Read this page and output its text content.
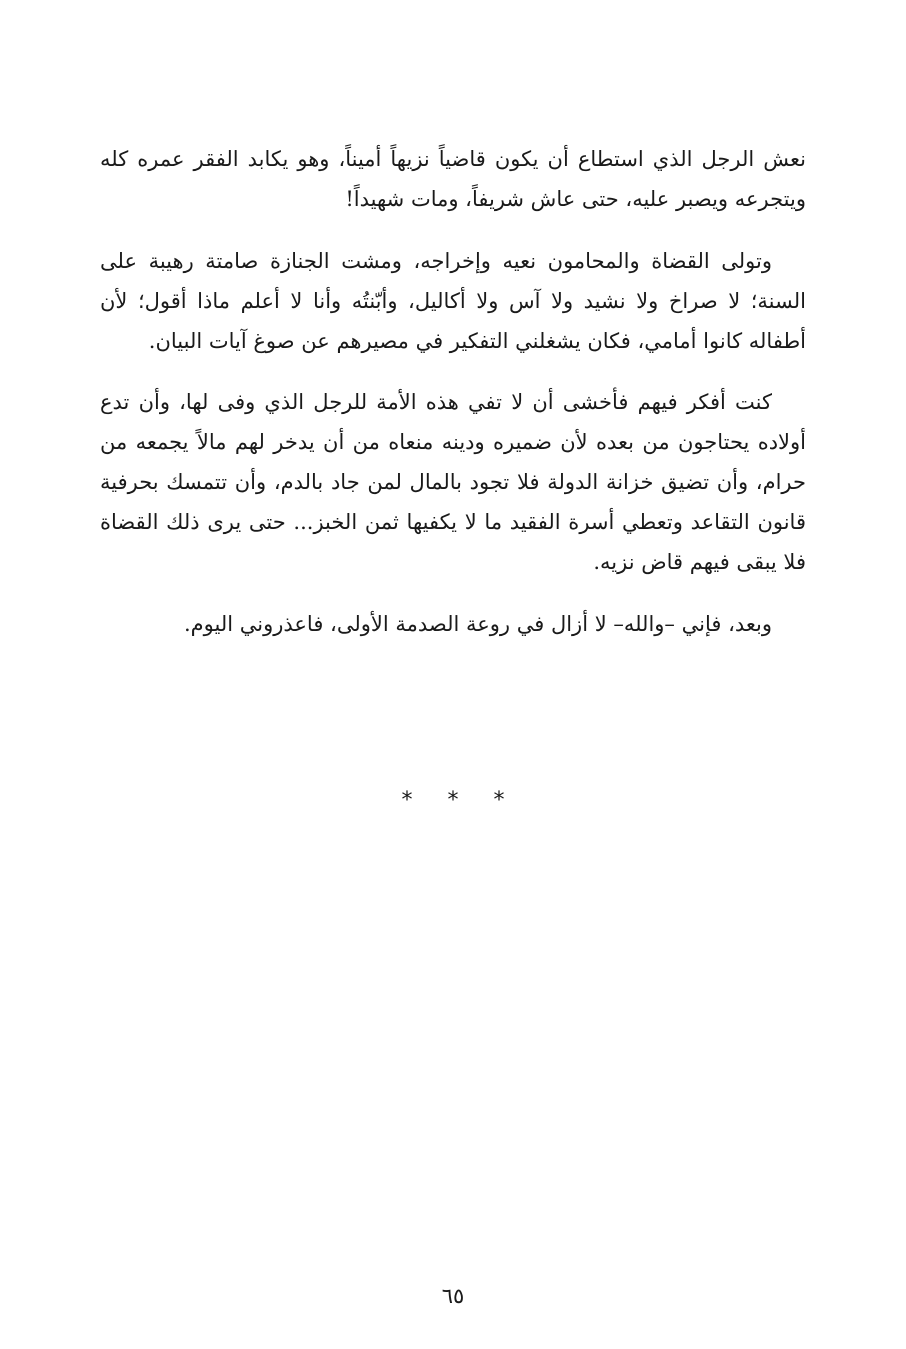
نعش الرجل الذي استطاع أن يكون قاضياً نزيهاً أميناً، وهو يكابد الفقر عمره كله ويتجرعه ويصبر عليه، حتى عاش شريفاً، ومات شهيداً!

وتولى القضاة والمحامون نعيه وإخراجه، ومشت الجنازة صامتة رهيبة على السنة؛ لا صراخ ولا نشيد ولا آس ولا أكاليل، وأبّنتُه وأنا لا أعلم ماذا أقول؛ لأن أطفاله كانوا أمامي، فكان يشغلني التفكير في مصيرهم عن صوغ آيات البيان.

كنت أفكر فيهم فأخشى أن لا تفي هذه الأمة للرجل الذي وفى لها، وأن تدع أولاده يحتاجون من بعده لأن ضميره ودينه منعاه من أن يدخر لهم مالاً يجمعه من حرام، وأن تضيق خزانة الدولة فلا تجود بالمال لمن جاد بالدم، وأن تتمسك بحرفية قانون التقاعد وتعطي أسرة الفقيد ما لا يكفيها ثمن الخبز... حتى يرى ذلك القضاة فلا يبقى فيهم قاض نزيه.

وبعد، فإني –والله– لا أزال في روعة الصدمة الأولى، فاعذروني اليوم.

* * *
٦٥
